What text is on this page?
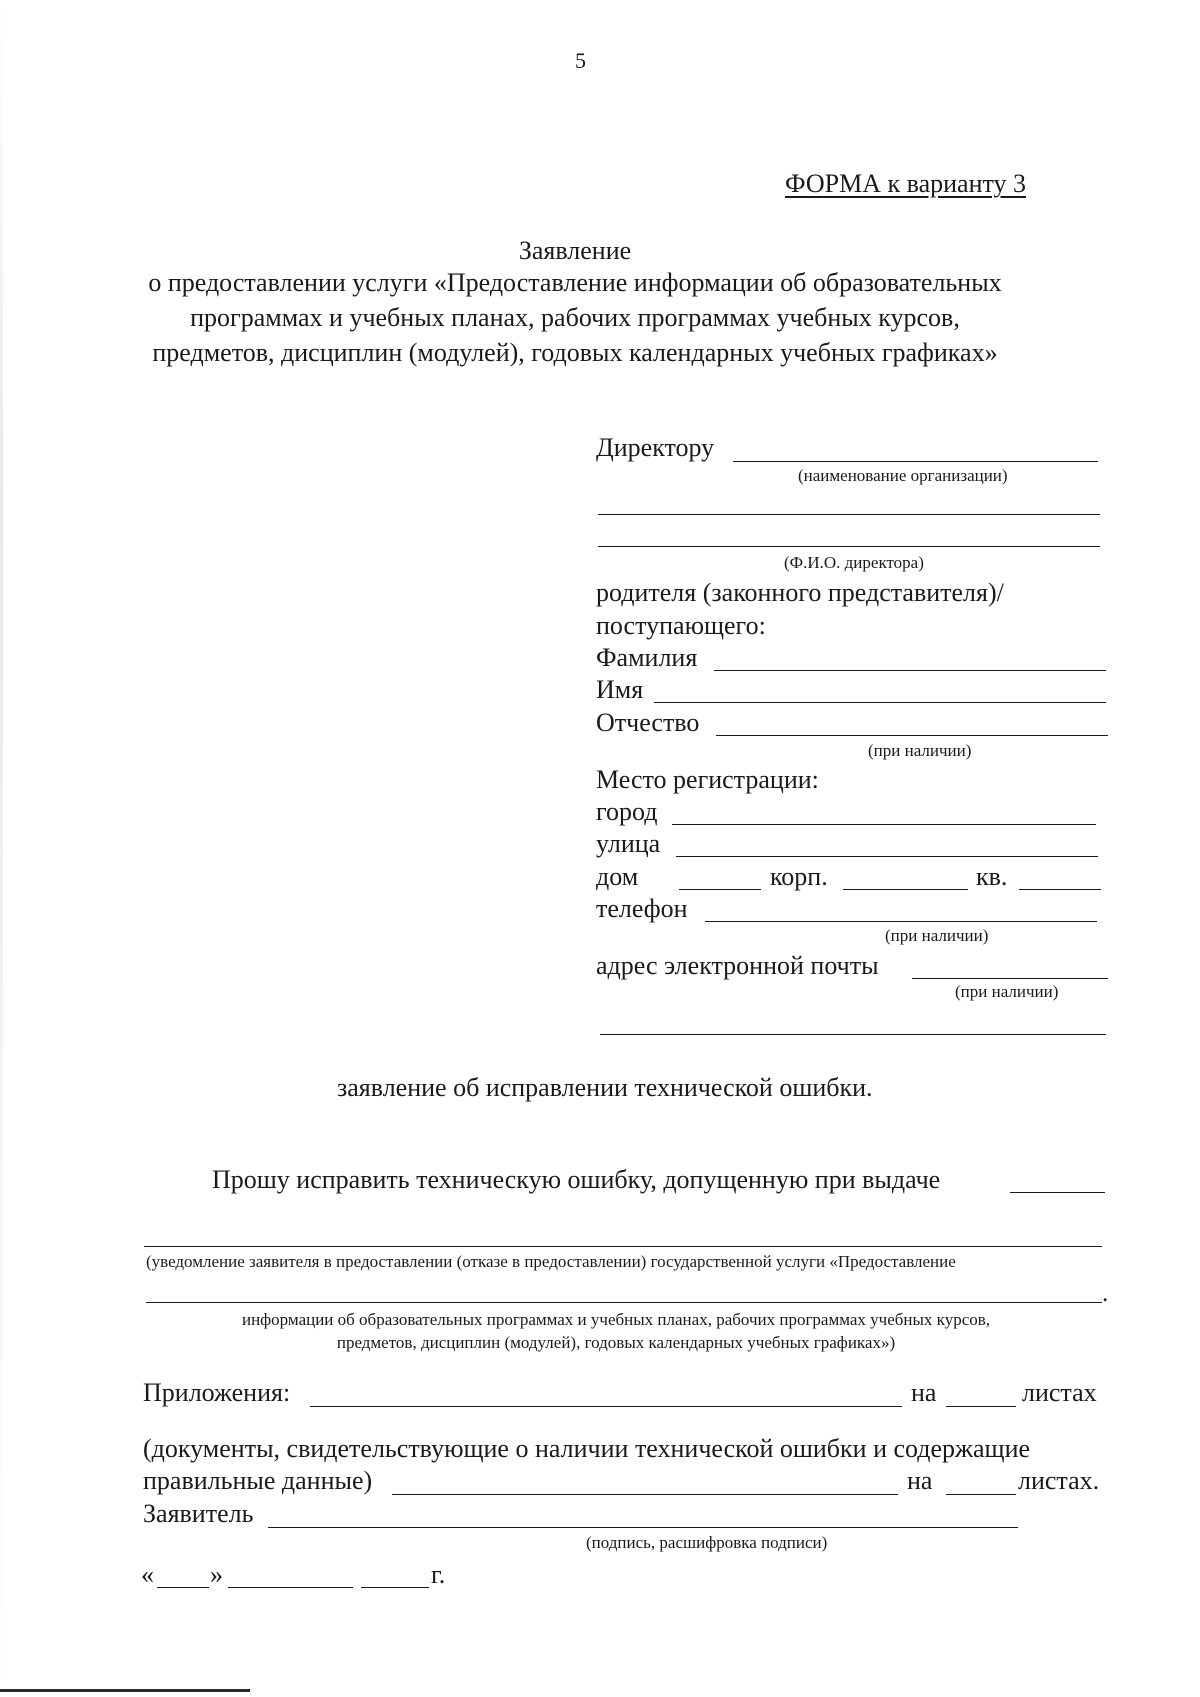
5
ФОРМА к варианту 3
Заявление
о предоставлении услуги «Предоставление информации об образовательных
программах и учебных планах, рабочих программах учебных курсов,
предметов, дисциплин (модулей), годовых календарных учебных графиках»
Директору
(наименование организации)
(Ф.И.О. директора)
родителя (законного представителя)/
поступающего:
Фамилия
Имя
Отчество
(при наличии)
Место регистрации:
город
улица
дом	корп.	кв.
телефон
(при наличии)
адрес электронной почты
(при наличии)
заявление об исправлении технической ошибки.
Прошу исправить техническую ошибку, допущенную при выдаче
(уведомление заявителя в предоставлении (отказе в предоставлении) государственной услуги «Предоставление
.
информации об образовательных программах и учебных планах, рабочих программах учебных курсов,
предметов, дисциплин (модулей), годовых календарных учебных графиках»)
Приложения:	на	листах
(документы, свидетельствующие о наличии технической ошибки и содержащие
правильные данные)	на	листах.
Заявитель
(подпись, расшифровка подписи)
« »	г.
